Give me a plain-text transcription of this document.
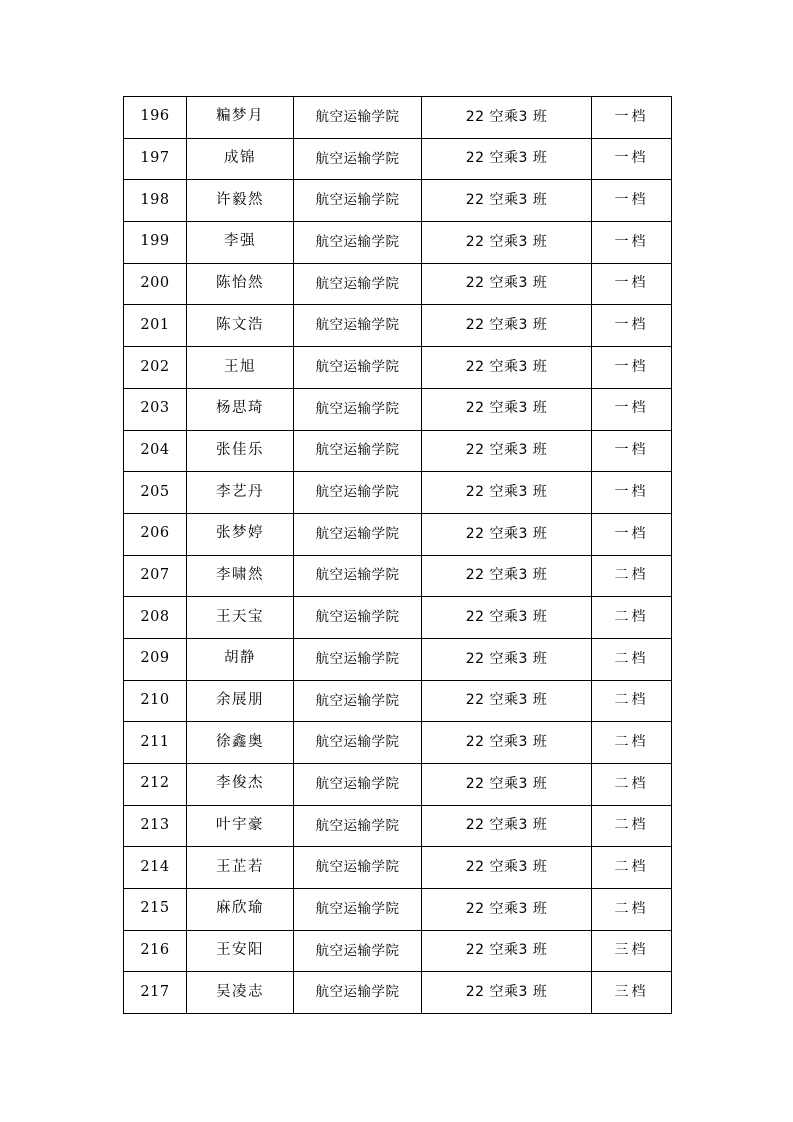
196	糄梦月	航空运输学院	22 空乘3 班	一档
197	成锦	航空运输学院	22 空乘3 班	一档
198	许毅然	航空运输学院	22 空乘3 班	一档
199	李强	航空运输学院	22 空乘3 班	一档
200	陈怡然	航空运输学院	22 空乘3 班	一档
201	陈文浩	航空运输学院	22 空乘3 班	一档
202	王旭	航空运输学院	22 空乘3 班	一档
203	杨思琦	航空运输学院	22 空乘3 班	一档
204	张佳乐	航空运输学院	22 空乘3 班	一档
205	李艺丹	航空运输学院	22 空乘3 班	一档
206	张梦婷	航空运输学院	22 空乘3 班	一档
207	李啸然	航空运输学院	22 空乘3 班	二档
208	王天宝	航空运输学院	22 空乘3 班	二档
209	胡静	航空运输学院	22 空乘3 班	二档
210	余展朋	航空运输学院	22 空乘3 班	二档
211	徐鑫奥	航空运输学院	22 空乘3 班	二档
212	李俊杰	航空运输学院	22 空乘3 班	二档
213	叶宇豪	航空运输学院	22 空乘3 班	二档
214	王芷若	航空运输学院	22 空乘3 班	二档
215	麻欣瑜	航空运输学院	22 空乘3 班	二档
216	王安阳	航空运输学院	22 空乘3 班	三档
217	吴凌志	航空运输学院	22 空乘3 班	三档
